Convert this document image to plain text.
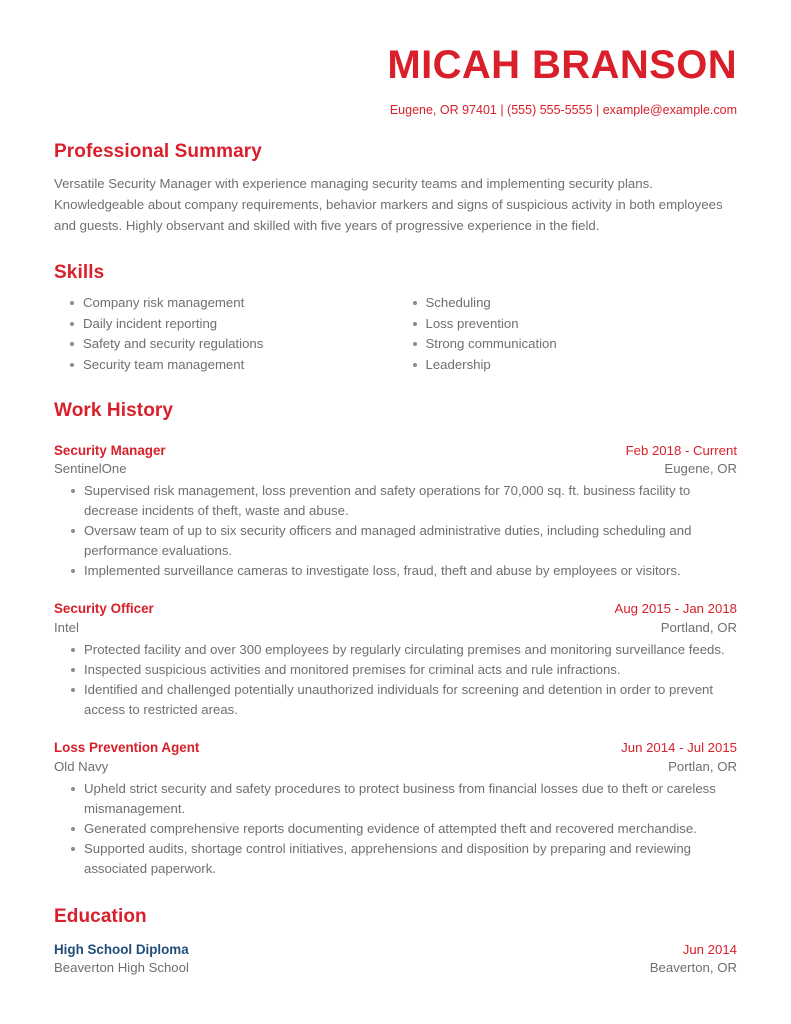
MICAH BRANSON
Eugene, OR 97401 | (555) 555-5555 | example@example.com
Professional Summary
Versatile Security Manager with experience managing security teams and implementing security plans. Knowledgeable about company requirements, behavior markers and signs of suspicious activity in both employees and guests. Highly observant and skilled with five years of progressive experience in the field.
Skills
Company risk management
Daily incident reporting
Safety and security regulations
Security team management
Scheduling
Loss prevention
Strong communication
Leadership
Work History
Security Manager	Feb 2018 - Current
SentinelOne	Eugene, OR
Supervised risk management, loss prevention and safety operations for 70,000 sq. ft. business facility to decrease incidents of theft, waste and abuse.
Oversaw team of up to six security officers and managed administrative duties, including scheduling and performance evaluations.
Implemented surveillance cameras to investigate loss, fraud, theft and abuse by employees or visitors.
Security Officer	Aug 2015 - Jan 2018
Intel	Portland, OR
Protected facility and over 300 employees by regularly circulating premises and monitoring surveillance feeds.
Inspected suspicious activities and monitored premises for criminal acts and rule infractions.
Identified and challenged potentially unauthorized individuals for screening and detention in order to prevent access to restricted areas.
Loss Prevention Agent	Jun 2014 - Jul 2015
Old Navy	Portlan, OR
Upheld strict security and safety procedures to protect business from financial losses due to theft or careless mismanagement.
Generated comprehensive reports documenting evidence of attempted theft and recovered merchandise.
Supported audits, shortage control initiatives, apprehensions and disposition by preparing and reviewing associated paperwork.
Education
High School Diploma	Jun 2014
Beaverton High School	Beaverton, OR
